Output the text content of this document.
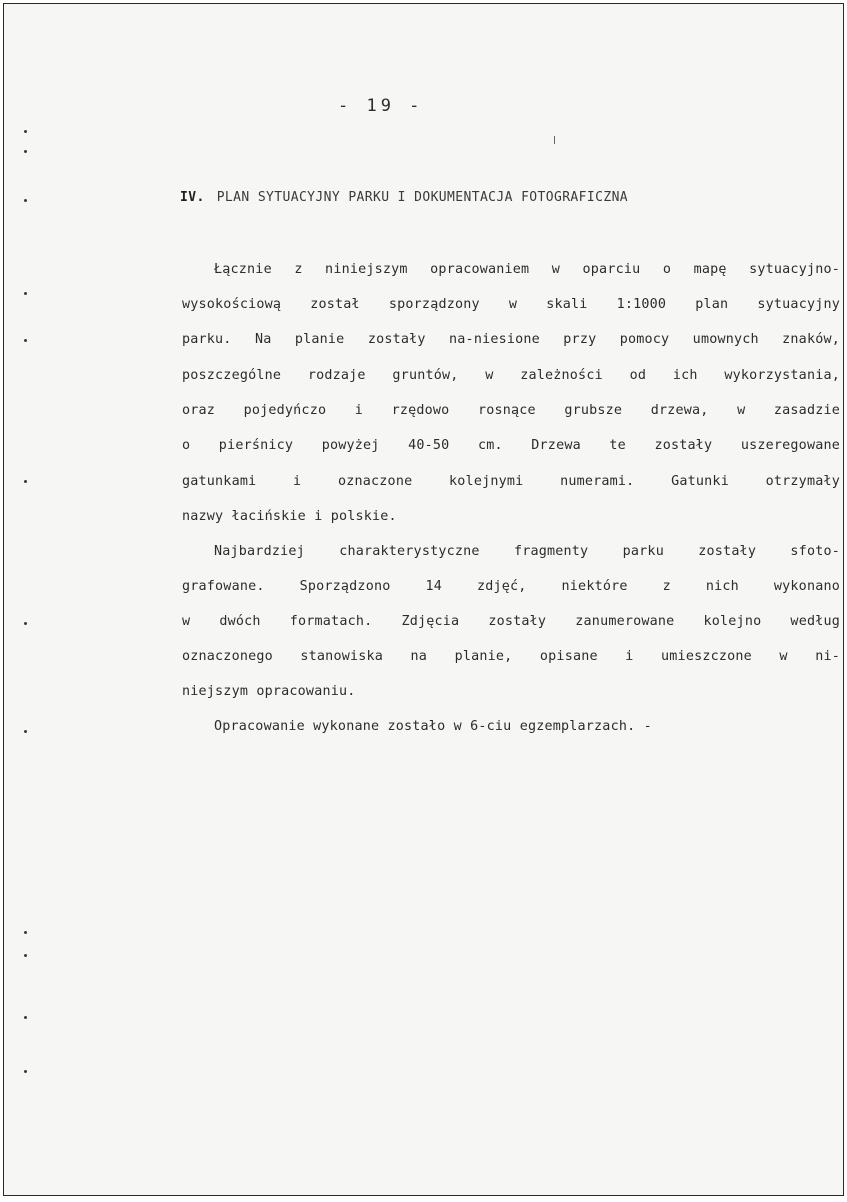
- 19 -
IV. PLAN SYTUACYJNY PARKU I DOKUMENTACJA FOTOGRAFICZNA
Łącznie z niniejszym opracowaniem w oparciu o mapę sytuacyjno-
wysokościową został sporządzony w skali 1:1000 plan sytuacyjny
parku. Na planie zostały na-niesione przy pomocy umownych znaków,
poszczególne rodzaje gruntów, w zależności od ich wykorzystania,
oraz pojedyńczo i rzędowo rosnące grubsze drzewa, w zasadzie
o pierśnicy powyżej 40-50 cm. Drzewa te zostały uszeregowane
gatunkami i oznaczone kolejnymi numerami. Gatunki otrzymały
nazwy łacińskie i polskie.
Najbardziej charakterystyczne fragmenty parku zostały sfoto-
grafowane. Sporządzono 14 zdjęć, niektóre z nich wykonano
w dwóch formatach. Zdjęcia zostały zanumerowane kolejno według
oznaczonego stanowiska na planie, opisane i umieszczone w ni-
niejszym opracowaniu.
Opracowanie wykonane zostało w 6-ciu egzemplarzach. -
